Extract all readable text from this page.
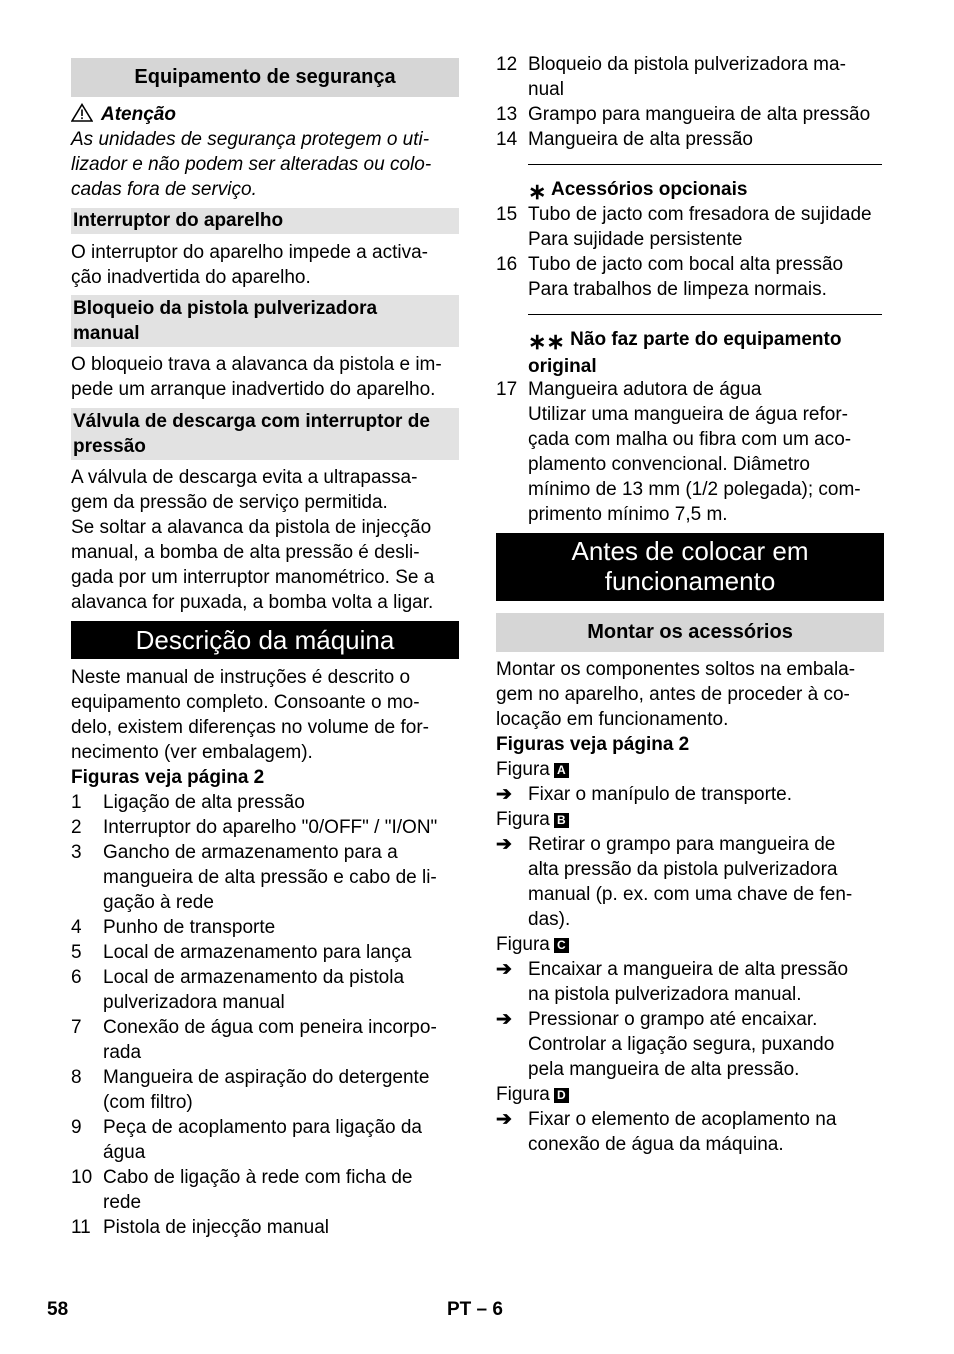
Equipamento de segurança
Atenção
As unidades de segurança protegem o uti-
lizador e não podem ser alteradas ou colo-
cadas fora de serviço.
Interruptor do aparelho
O interruptor do aparelho impede a activa-
ção inadvertida do aparelho.
Bloqueio da pistola pulverizadora
manual
O bloqueio trava a alavanca da pistola e im-
pede um arranque inadvertido do aparelho.
Válvula de descarga com interruptor de
pressão
A válvula de descarga evita a ultrapassa-
gem da pressão de serviço permitida.
Se soltar a alavanca da pistola de injecção
manual, a bomba de alta pressão é desli-
gada por um interruptor manométrico. Se a
alavanca for puxada, a bomba volta a ligar.
Descrição da máquina
Neste manual de instruções é descrito o
equipamento completo. Consoante o mo-
delo, existem diferenças no volume de for-
necimento (ver embalagem).
Figuras veja página 2
1 Ligação de alta pressão
2 Interruptor do aparelho "0/OFF" / "I/ON"
3 Gancho de armazenamento para a
mangueira de alta pressão e cabo de li-
gação à rede
4 Punho de transporte
5 Local de armazenamento para lança
6 Local de armazenamento da pistola
pulverizadora manual
7 Conexão de água com peneira incorpo-
rada
8 Mangueira de aspiração do detergente
(com filtro)
9 Peça de acoplamento para ligação da
água
10 Cabo de ligação à rede com ficha de
rede
11 Pistola de injecção manual
12 Bloqueio da pistola pulverizadora ma-
nual
13 Grampo para mangueira de alta pressão
14 Mangueira de alta pressão
∗ Acessórios opcionais
15 Tubo de jacto com fresadora de sujidade
Para sujidade persistente
16 Tubo de jacto com bocal alta pressão
Para trabalhos de limpeza normais.
∗∗ Não faz parte do equipamento
original
17 Mangueira adutora de água
Utilizar uma mangueira de água refor-
çada com malha ou fibra com um aco-
plamento convencional. Diâmetro
mínimo de 13 mm (1/2 polegada); com-
primento mínimo 7,5 m.
Antes de colocar em
funcionamento
Montar os acessórios
Montar os componentes soltos na embala-
gem no aparelho, antes de proceder à co-
locação em funcionamento.
Figuras veja página 2
Figura A
➔ Fixar o manípulo de transporte.
Figura B
➔ Retirar o grampo para mangueira de
alta pressão da pistola pulverizadora
manual (p. ex. com uma chave de fen-
das).
Figura C
➔ Encaixar a mangueira de alta pressão
na pistola pulverizadora manual.
➔ Pressionar o grampo até encaixar.
Controlar a ligação segura, puxando
pela mangueira de alta pressão.
Figura D
➔ Fixar o elemento de acoplamento na
conexão de água da máquina.
58	PT – 6
